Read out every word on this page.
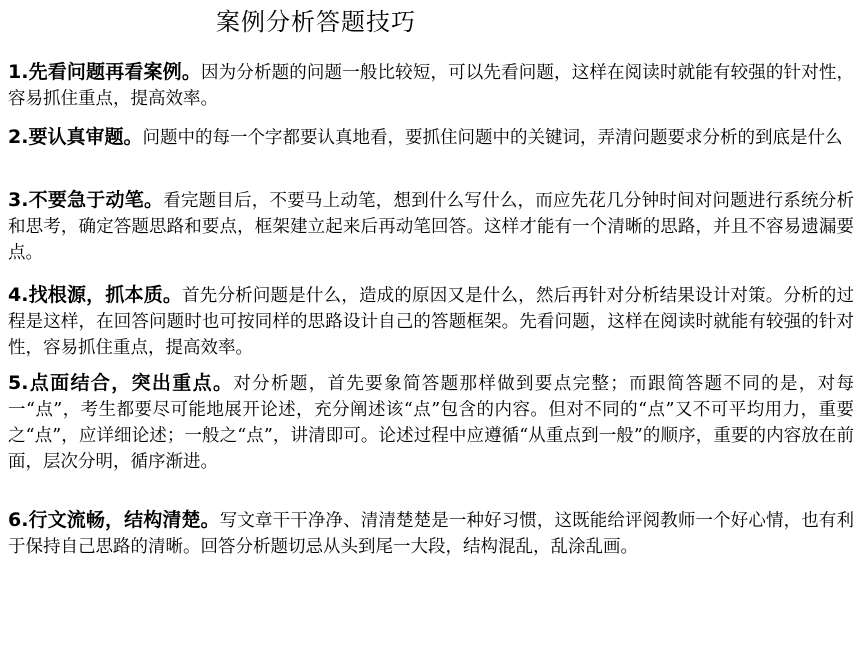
案例分析答题技巧
1.先看问题再看案例。因为分析题的问题一般比较短，可以先看问题，这样在阅读时就能有较强的针对性，容易抓住重点，提高效率。
2.要认真审题。问题中的每一个字都要认真地看，要抓住问题中的关键词，弄清问题要求分析的到底是什么
3.不要急于动笔。看完题目后，不要马上动笔，想到什么写什么，而应先花几分钟时间对问题进行系统分析和思考，确定答题思路和要点，框架建立起来后再动笔回答。这样才能有一个清晰的思路，并且不容易遗漏要点。
4.找根源，抓本质。首先分析问题是什么，造成的原因又是什么，然后再针对分析结果设计对策。分析的过程是这样，在回答问题时也可按同样的思路设计自己的答题框架。先看问题，这样在阅读时就能有较强的针对性，容易抓住重点，提高效率。
5.点面结合，突出重点。对分析题，首先要象简答题那样做到要点完整；而跟简答题不同的是，对每一“点”，考生都要尽可能地展开论述，充分阐述该“点”包含的内容。但对不同的“点”又不可平均用力，重要之“点”，应详细论述；一般之“点”，讲清即可。论述过程中应遵循“从重点到一般”的顺序，重要的内容放在前面，层次分明，循序渐进。
6.行文流畅，结构清楚。写文章干干净净、清清楚楚是一种好习惯，这既能给评阅教师一个好心情，也有利于保持自己思路的清晰。回答分析题切忌从头到尾一大段，结构混乱，乱涂乱画。
